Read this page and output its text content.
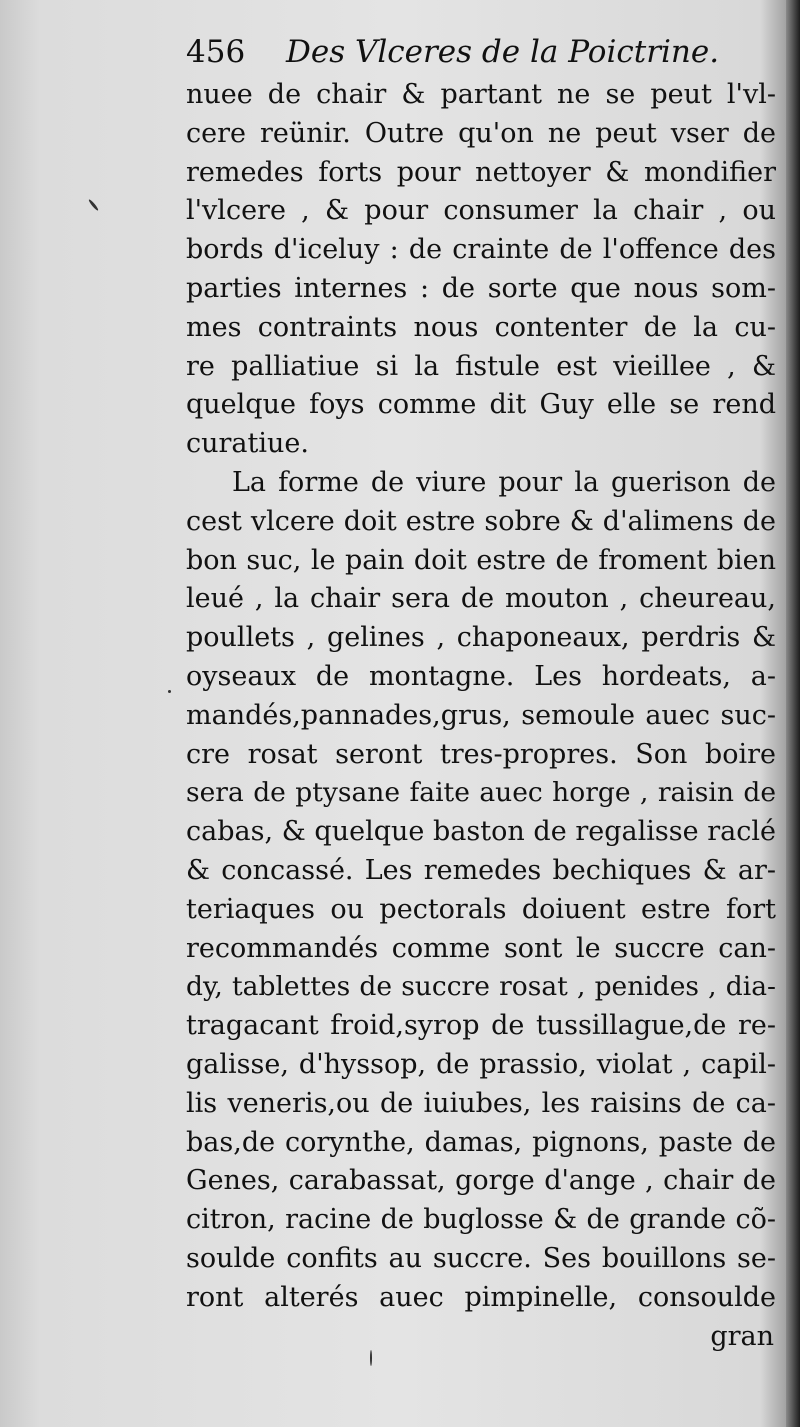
456 Des Vlceres de la Poictrine.
nuee de chair & partant ne se peut l'vl-
cere reünir. Outre qu'on ne peut vser de
remedes forts pour nettoyer & mondifier
l'vlcere , & pour consumer la chair , ou
bords d'iceluy : de crainte de l'offence des
parties internes : de sorte que nous som-
mes contraints nous contenter de la cu-
re palliatiue si la fistule est vieillee , &
quelque foys comme dit Guy elle se rend
curatiue.
La forme de viure pour la guerison de
cest vlcere doit estre sobre & d'alimens de
bon suc, le pain doit estre de froment bien
leué , la chair sera de mouton , cheureau,
poullets , gelines , chaponeaux, perdris &
oyseaux de montagne. Les hordeats, a-
mandés,pannades,grus, semoule auec suc-
cre rosat seront tres-propres. Son boire
sera de ptysane faite auec horge , raisin de
cabas, & quelque baston de regalisse raclé
& concassé. Les remedes bechiques & ar-
teriaques ou pectorals doiuent estre fort
recommandés comme sont le succre can-
dy, tablettes de succre rosat , penides , dia-
tragacant froid,syrop de tussillague,de re-
galisse, d'hyssop, de prassio, violat , capil-
lis veneris,ou de iuiubes, les raisins de ca-
bas,de corynthe, damas, pignons, paste de
Genes, carabassat, gorge d'ange , chair de
citron, racine de buglosse & de grande cõ-
soulde confits au succre. Ses bouillons se-
ront alterés auec pimpinelle, consoulde
gran
